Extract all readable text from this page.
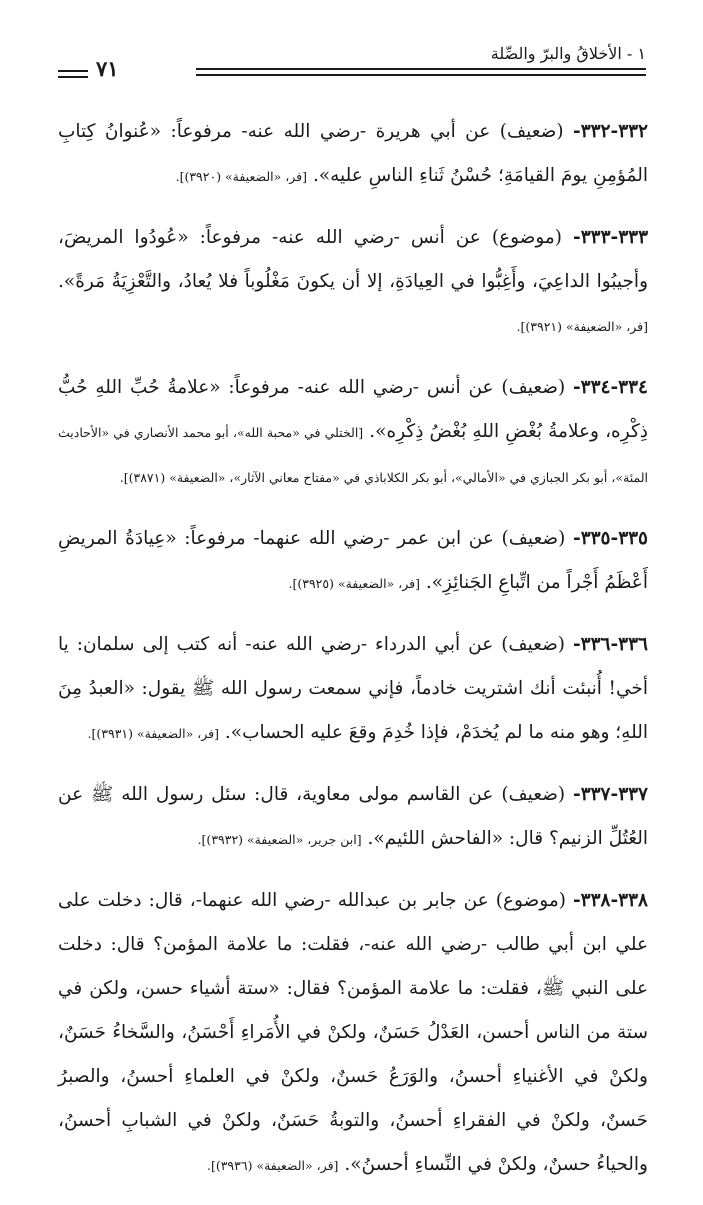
١ - الأخلاقُ والبرّ والصِّلة
٧١

٣٣٢-٣٣٢- (ضعيف) عن أبي هريرة -رضي الله عنه- مرفوعاً: «عُنوانُ كِتابِ المُؤمِنِ يومَ القيامَةِ؛ حُسْنُ ثَناءِ الناسِ عليه». [فر، «الضعيفة» (٣٩٢٠)].

٣٣٣-٣٣٣- (موضوع) عن أنس -رضي الله عنه- مرفوعاً: «عُودُوا المريضَ، وأجيبُوا الداعِيَ، وأَغِبُّوا في العِيادَةِ، إلا أن يكونَ مَغْلُوباً فلا يُعادُ، والتَّعْزِيَةُ مَرةً». [فر، «الضعيفة» (٣٩٢١)].

٣٣٤-٣٣٤- (ضعيف) عن أنس -رضي الله عنه- مرفوعاً: «علامةُ حُبِّ اللهِ حُبُّ ذِكْرِه، وعلامةُ بُغْضِ اللهِ بُغْضُ ذِكْرِه». [الختلي في «محبة الله»، أبو محمد الأنصاري في «الأحاديث المئة»، أبو بكر الجبازي في «الأمالي»، أبو بكر الكلاباذي في «مفتاح معاني الآثار»، «الضعيفة» (٣٨٧١)].

٣٣٥-٣٣٥- (ضعيف) عن ابن عمر -رضي الله عنهما- مرفوعاً: «عِيادَةُ المريضِ أَعْظَمُ أَجْراً من اتِّباعِ الجَنائِزِ». [فر، «الضعيفة» (٣٩٢٥)].

٣٣٦-٣٣٦- (ضعيف) عن أبي الدرداء -رضي الله عنه- أنه كتب إلى سلمان: يا أخي! أُنبئت أنك اشتريت خادماً، فإني سمعت رسول الله ﷺ يقول: «العبدُ مِنَ اللهِ؛ وهو منه ما لم يُخدَمْ، فإذا خُدِمَ وقعَ عليه الحساب». [فر، «الضعيفة» (٣٩٣١)].

٣٣٧-٣٣٧- (ضعيف) عن القاسم مولى معاوية، قال: سئل رسول الله ﷺ عن العُتُلِّ الزنيم؟ قال: «الفاحش اللئيم». [ابن جرير، «الضعيفة» (٣٩٣٢)].

٣٣٨-٣٣٨- (موضوع) عن جابر بن عبدالله -رضي الله عنهما-، قال: دخلت على علي ابن أبي طالب -رضي الله عنه-، فقلت: ما علامة المؤمن؟ قال: دخلت على النبي ﷺ، فقلت: ما علامة المؤمن؟ فقال: «ستة أشياء حسن، ولكن في ستة من الناس أحسن، العَدْلُ حَسَنٌ، ولكنْ في الأُمَراءِ أَحْسَنُ، والسَّخاءُ حَسَنٌ، ولكنْ في الأغنياءِ أحسنُ، والوَرَعُ حَسنٌ، ولكنْ في العلماءِ أحسنُ، والصبرُ حَسنٌ، ولكنْ في الفقراءِ أحسنُ، والتوبةُ حَسَنٌ، ولكنْ في الشبابِ أحسنُ، والحياءُ حسنٌ، ولكنْ في النِّساءِ أحسنُ». [فر، «الضعيفة» (٣٩٣٦)].
